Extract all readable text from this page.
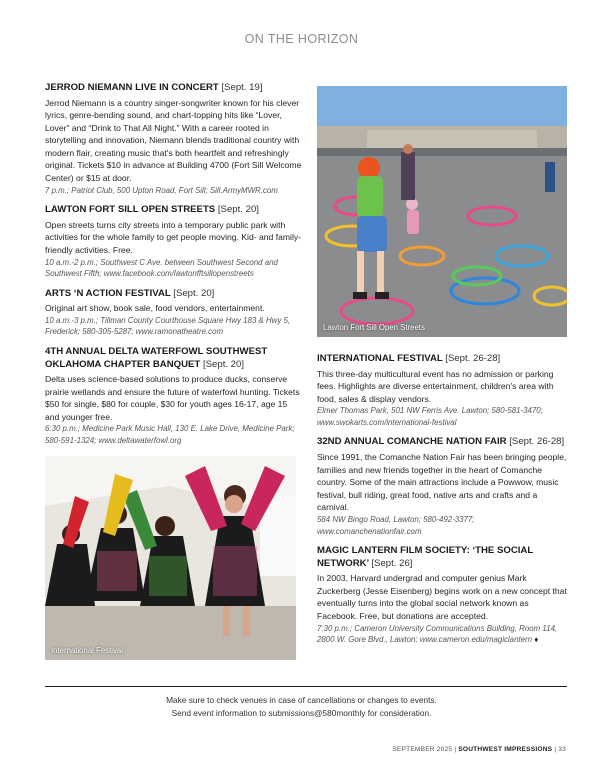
ON THE HORIZON
JERROD NIEMANN LIVE IN CONCERT [Sept. 19]
Jerrod Niemann is a country singer-songwriter known for his clever lyrics, genre-bending sound, and chart-topping hits like “Lover, Lover” and “Drink to That All Night.” With a career rooted in storytelling and innovation, Niemann blends traditional country with modern flair, creating music that's both heartfelt and refreshingly original. Tickets $10 in advance at Building 4700 (Fort Sill Welcome Center) or $15 at door.
7 p.m.; Patriot Club, 500 Upton Road, Fort Sill; Sill.ArmyMWR.com
LAWTON FORT SILL OPEN STREETS [Sept. 20]
Open streets turns city streets into a temporary public park with activities for the whole family to get people moving. Kid- and family-friendly activities. Free.
10 a.m.-2 p.m.; Southwest C Ave. between Southwest Second and Southwest Fifth; www.facebook.com/lawtonfftsillopenstreets
ARTS ‘N ACTION FESTIVAL [Sept. 20]
Original art show, book sale, food vendors, entertainment.
10 a.m.-3 p.m.; Tillman County Courthouse Square Hwy 183 & Hwy 5, Frederick; 580-305-5287; www.ramonatheatre.com
4TH ANNUAL DELTA WATERFOWL SOUTHWEST OKLAHOMA CHAPTER BANQUET [Sept. 20]
Delta uses science-based solutions to produce ducks, conserve prairie wetlands and ensure the future of waterfowl hunting. Tickets $50 for single, $80 for couple, $30 for youth ages 16-17, age 15 and younger free.
6:30 p.m.; Medicine Park Music Hall, 130 E. Lake Drive, Medicine Park; 580-591-1324; www.deltawaterfowl.org
Lawton Fort Sill Open Streets
International Festival
INTERNATIONAL FESTIVAL [Sept. 26-28]
This three-day multicultural event has no admission or parking fees. Highlights are diverse entertainment, children's area with food, sales & display vendors.
Elmer Thomas Park, 501 NW Ferris Ave. Lawton; 580-581-3470; www.swokarts.com/international-festival
32ND ANNUAL COMANCHE NATION FAIR [Sept. 26-28]
Since 1991, the Comanche Nation Fair has been bringing people, families and new friends together in the heart of Comanche country. Some of the main attractions include a Powwow, music festival, bull riding, great food, native arts and crafts and a carnival.
584 NW Bingo Road, Lawton; 580-492-3377; www.comanchenationfair.com
MAGIC LANTERN FILM SOCIETY: ‘THE SOCIAL NETWORK’ [Sept. 26]
In 2003, Harvard undergrad and computer genius Mark Zuckerberg (Jesse Eisenberg) begins work on a new concept that eventually turns into the global social network known as Facebook. Free, but donations are accepted.
7:30 p.m.; Cameron University Communications Building, Room 114, 2800 W. Gore Blvd., Lawton; www.cameron.edu/magiclantern ♦
Make sure to check venues in case of cancellations or changes to events.
Send event information to submissions@580monthly for consideration.
SEPTEMBER 2025 | SOUTHWEST IMPRESSIONS | 33
